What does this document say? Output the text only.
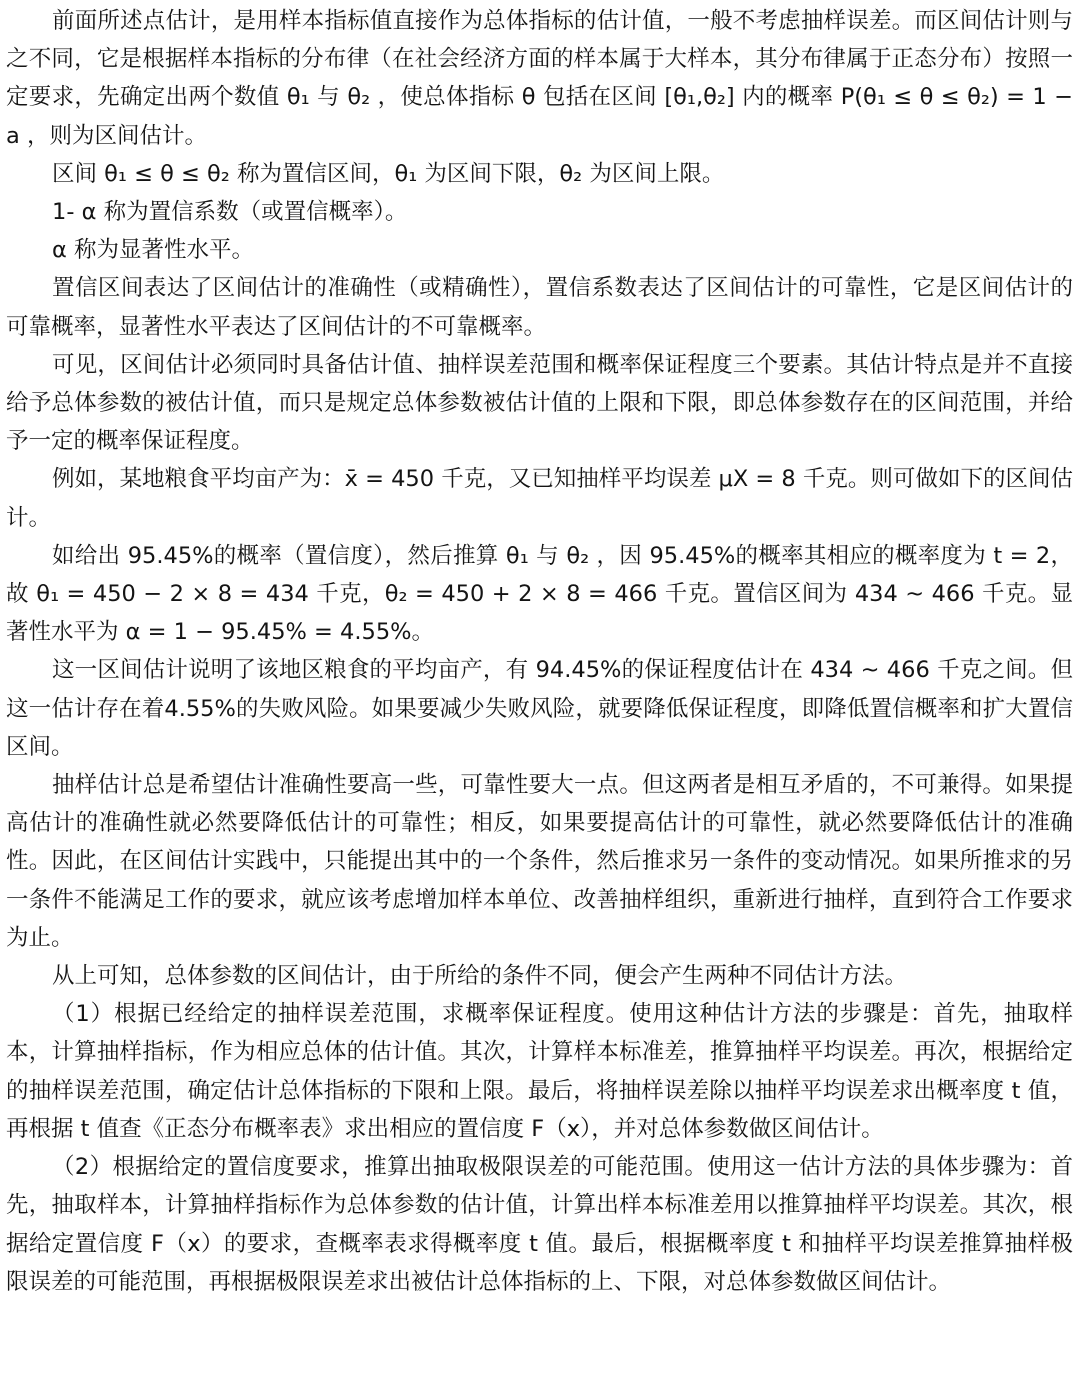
前面所述点估计，是用样本指标值直接作为总体指标的估计值，一般不考虑抽样误差。而区间估计则与之不同，它是根据样本指标的分布律（在社会经济方面的样本属于大样本，其分布律属于正态分布）按照一定要求，先确定出两个数值 θ₁ 与 θ₂ ，使总体指标 θ 包括在区间 [θ₁,θ₂] 内的概率 P(θ₁ ≤ θ ≤ θ₂) = 1 − a ，则为区间估计。

区间 θ₁ ≤ θ ≤ θ₂ 称为置信区间，θ₁ 为区间下限，θ₂ 为区间上限。

1- α 称为置信系数（或置信概率）。

α 称为显著性水平。

置信区间表达了区间估计的准确性（或精确性），置信系数表达了区间估计的可靠性，它是区间估计的可靠概率，显著性水平表达了区间估计的不可靠概率。

可见，区间估计必须同时具备估计值、抽样误差范围和概率保证程度三个要素。其估计特点是并不直接给予总体参数的被估计值，而只是规定总体参数被估计值的上限和下限，即总体参数存在的区间范围，并给予一定的概率保证程度。

例如，某地粮食平均亩产为：x̄ = 450 千克，又已知抽样平均误差 μX = 8 千克。则可做如下的区间估计。

如给出 95.45%的概率（置信度），然后推算 θ₁ 与 θ₂ ，因 95.45%的概率其相应的概率度为 t = 2，故 θ₁ = 450 − 2 × 8 = 434 千克，θ₂ = 450 + 2 × 8 = 466 千克。置信区间为 434 ~ 466 千克。显著性水平为 α = 1 − 95.45% = 4.55%。

这一区间估计说明了该地区粮食的平均亩产，有 94.45%的保证程度估计在 434 ~ 466 千克之间。但这一估计存在着4.55%的失败风险。如果要减少失败风险，就要降低保证程度，即降低置信概率和扩大置信区间。

抽样估计总是希望估计准确性要高一些，可靠性要大一点。但这两者是相互矛盾的，不可兼得。如果提高估计的准确性就必然要降低估计的可靠性；相反，如果要提高估计的可靠性，就必然要降低估计的准确性。因此，在区间估计实践中，只能提出其中的一个条件，然后推求另一条件的变动情况。如果所推求的另一条件不能满足工作的要求，就应该考虑增加样本单位、改善抽样组织，重新进行抽样，直到符合工作要求为止。

从上可知，总体参数的区间估计，由于所给的条件不同，便会产生两种不同估计方法。

（1）根据已经给定的抽样误差范围，求概率保证程度。使用这种估计方法的步骤是：首先，抽取样本，计算抽样指标，作为相应总体的估计值。其次，计算样本标准差，推算抽样平均误差。再次，根据给定的抽样误差范围，确定估计总体指标的下限和上限。最后，将抽样误差除以抽样平均误差求出概率度 t 值，再根据 t 值查《正态分布概率表》求出相应的置信度 F（x），并对总体参数做区间估计。

（2）根据给定的置信度要求，推算出抽取极限误差的可能范围。使用这一估计方法的具体步骤为：首先，抽取样本，计算抽样指标作为总体参数的估计值，计算出样本标准差用以推算抽样平均误差。其次，根据给定置信度 F（x）的要求，查概率表求得概率度 t 值。最后，根据概率度 t 和抽样平均误差推算抽样极限误差的可能范围，再根据极限误差求出被估计总体指标的上、下限，对总体参数做区间估计。
